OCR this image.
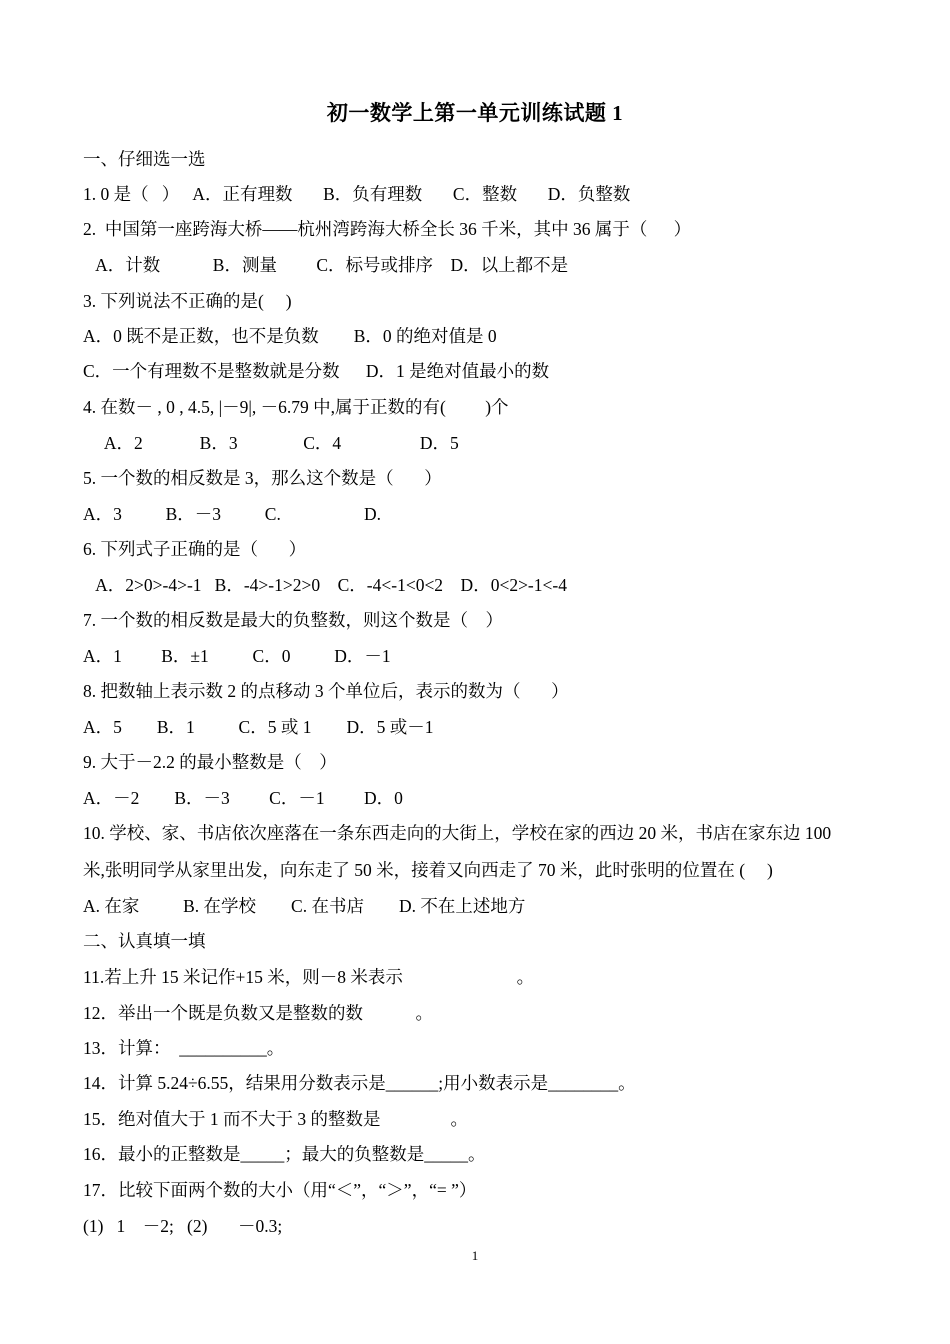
初一数学上第一单元训练试题 1
一、仔细选一选
1. 0 是（   ）   A．正有理数       B．负有理数       C．整数       D．负整数
2.  中国第一座跨海大桥——杭州湾跨海大桥全长 36 千米，其中 36 属于（      ）
A．计数            B．测量         C．标号或排序    D．以上都不是
3. 下列说法不正确的是(     )
A．0 既不是正数，也不是负数        B．0 的绝对值是 0
C．一个有理数不是整数就是分数      D．1 是绝对值最小的数
4. 在数－ , 0 , 4.5, |－9|, －6.79 中,属于正数的有(         )个
A．2             B．3               C．4                  D．5
5. 一个数的相反数是 3，那么这个数是（       ）
A．3          B．－3          C.                   D.
6. 下列式子正确的是（       ）
A．2>0>-4>-1   B．-4>-1>2>0    C．-4<-1<0<2    D．0<2>-1<-4
7. 一个数的相反数是最大的负整数，则这个数是（    ）
A．1         B．±1          C．0          D．－1
8. 把数轴上表示数 2 的点移动 3 个单位后，表示的数为（       ）
A．5        B．1          C．5 或 1        D．5 或－1
9. 大于－2.2 的最小整数是（    ）
A．－2        B．－3         C．－1         D．0
10. 学校、家、书店依次座落在一条东西走向的大街上，学校在家的西边 20 米，书店在家东边 100
米,张明同学从家里出发，向东走了 50 米，接着又向西走了 70 米，此时张明的位置在 (     )
A. 在家          B. 在学校        C. 在书店        D. 不在上述地方
二、认真填一填
11.若上升 15 米记作+15 米，则－8 米表示                          。
12．举出一个既是负数又是整数的数            。
13．计算：  __________。
14．计算 5.24÷6.55，结果用分数表示是______;用小数表示是________。
15．绝对值大于 1 而不大于 3 的整数是                。
16．最小的正整数是_____；最大的负整数是_____。
17．比较下面两个数的大小（用“＜”，“＞”，“= ”）
(1)   1    －2;   (2)       －0.3;
1
